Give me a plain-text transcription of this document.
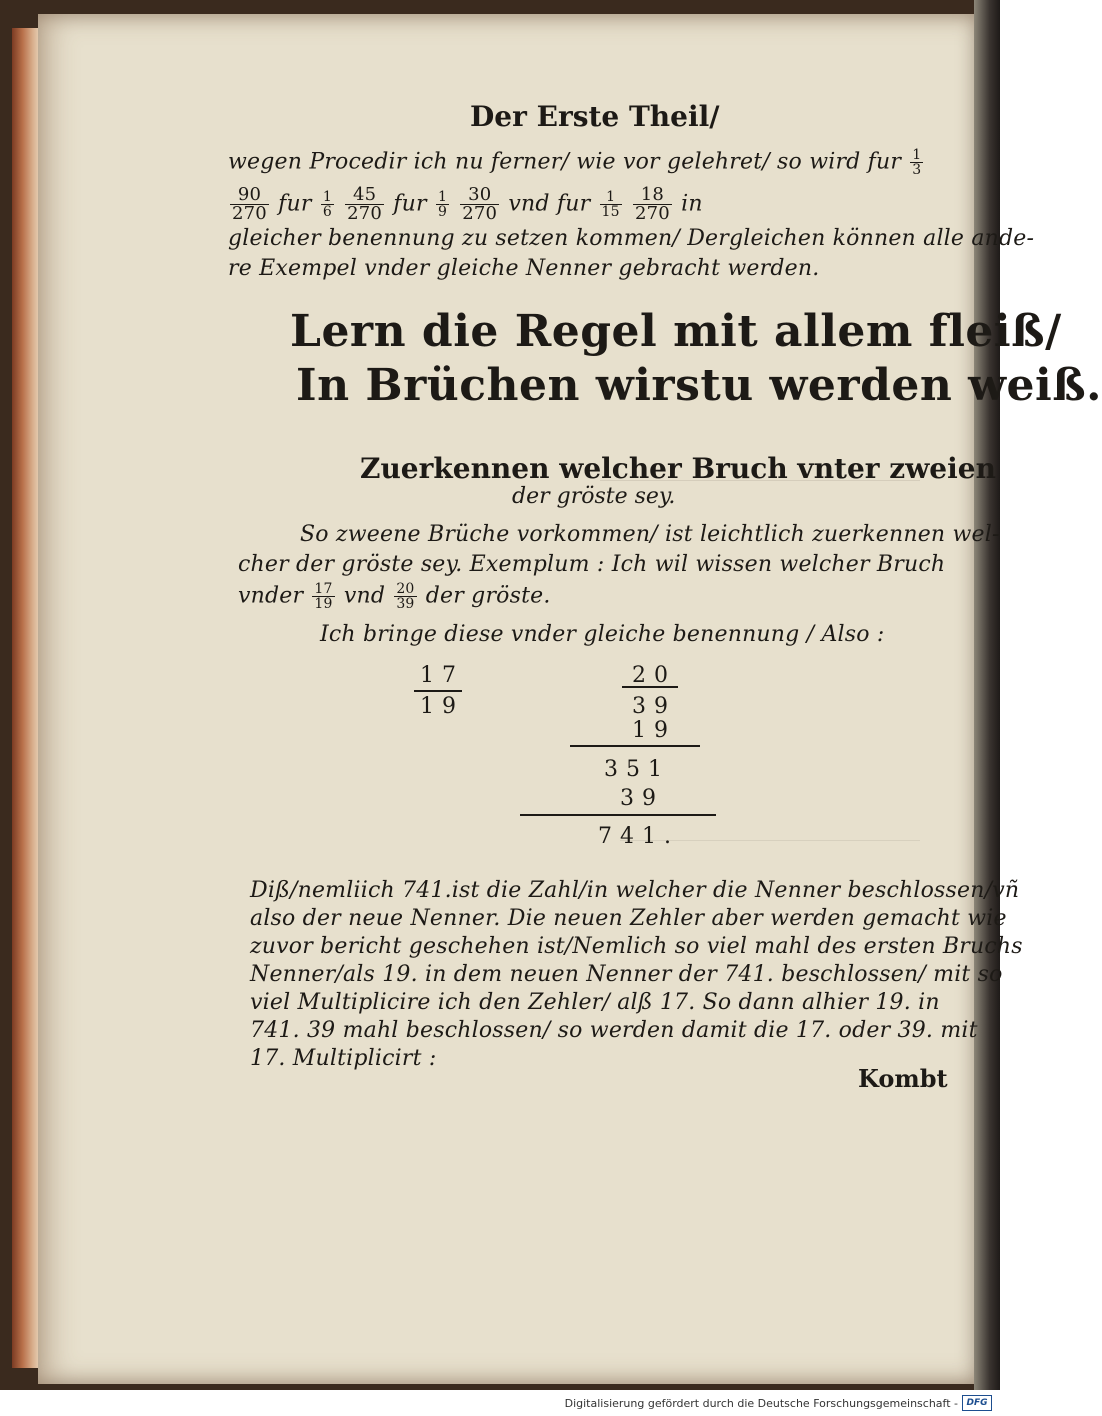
Der Erste Theil/
wegen Procedir ich nu ferner/ wie vor gelehret/ so wird fur $\frac{1}{3}$
$\frac{90}{270}$ fur $\frac{1}{6}$
$\frac{45}{270}$ fur $\frac{1}{9}$
$\frac{30}{270}$ vnd fur $\frac{1}{15}$
$\frac{18}{270}$ in
gleicher benennung zu setzen kommen/ Dergleichen können alle ande-
re Exempel vnder gleiche Nenner gebracht werden.
Lern die Regel mit allem fleiß/
In Brüchen wirstu werden weiß.
Zuerkennen welcher Bruch vnter zweien
der gröste sey.
So zweene Brüche vorkommen/ ist leichtlich zuerkennen wel-
cher der gröste sey. Exemplum : Ich wil wissen welcher Bruch
vnder $\frac{17}{19}$ vnd $\frac{20}{39}$ der gröste.
Ich bringe diese vnder gleiche benennung / Also :
17
19
20
39
19
351
39
741.
Diß/nemliich 741.ist die Zahl/in welcher die Nenner beschlossen/vñ
also der neue Nenner. Die neuen Zehler aber werden gemacht wie
zuvor bericht geschehen ist/Nemlich so viel mahl des ersten Bruchs
Nenner/als 19. in dem neuen Nenner der 741. beschlossen/ mit so
viel Multiplicire ich den Zehler/ alß 17. So dann alhier 19. in
741. 39 mahl beschlossen/ so werden damit die 17. oder 39. mit
17. Multiplicirt :
Kombt
Digitalisierung gefördert durch die Deutsche Forschungsgemeinschaft - DFG
